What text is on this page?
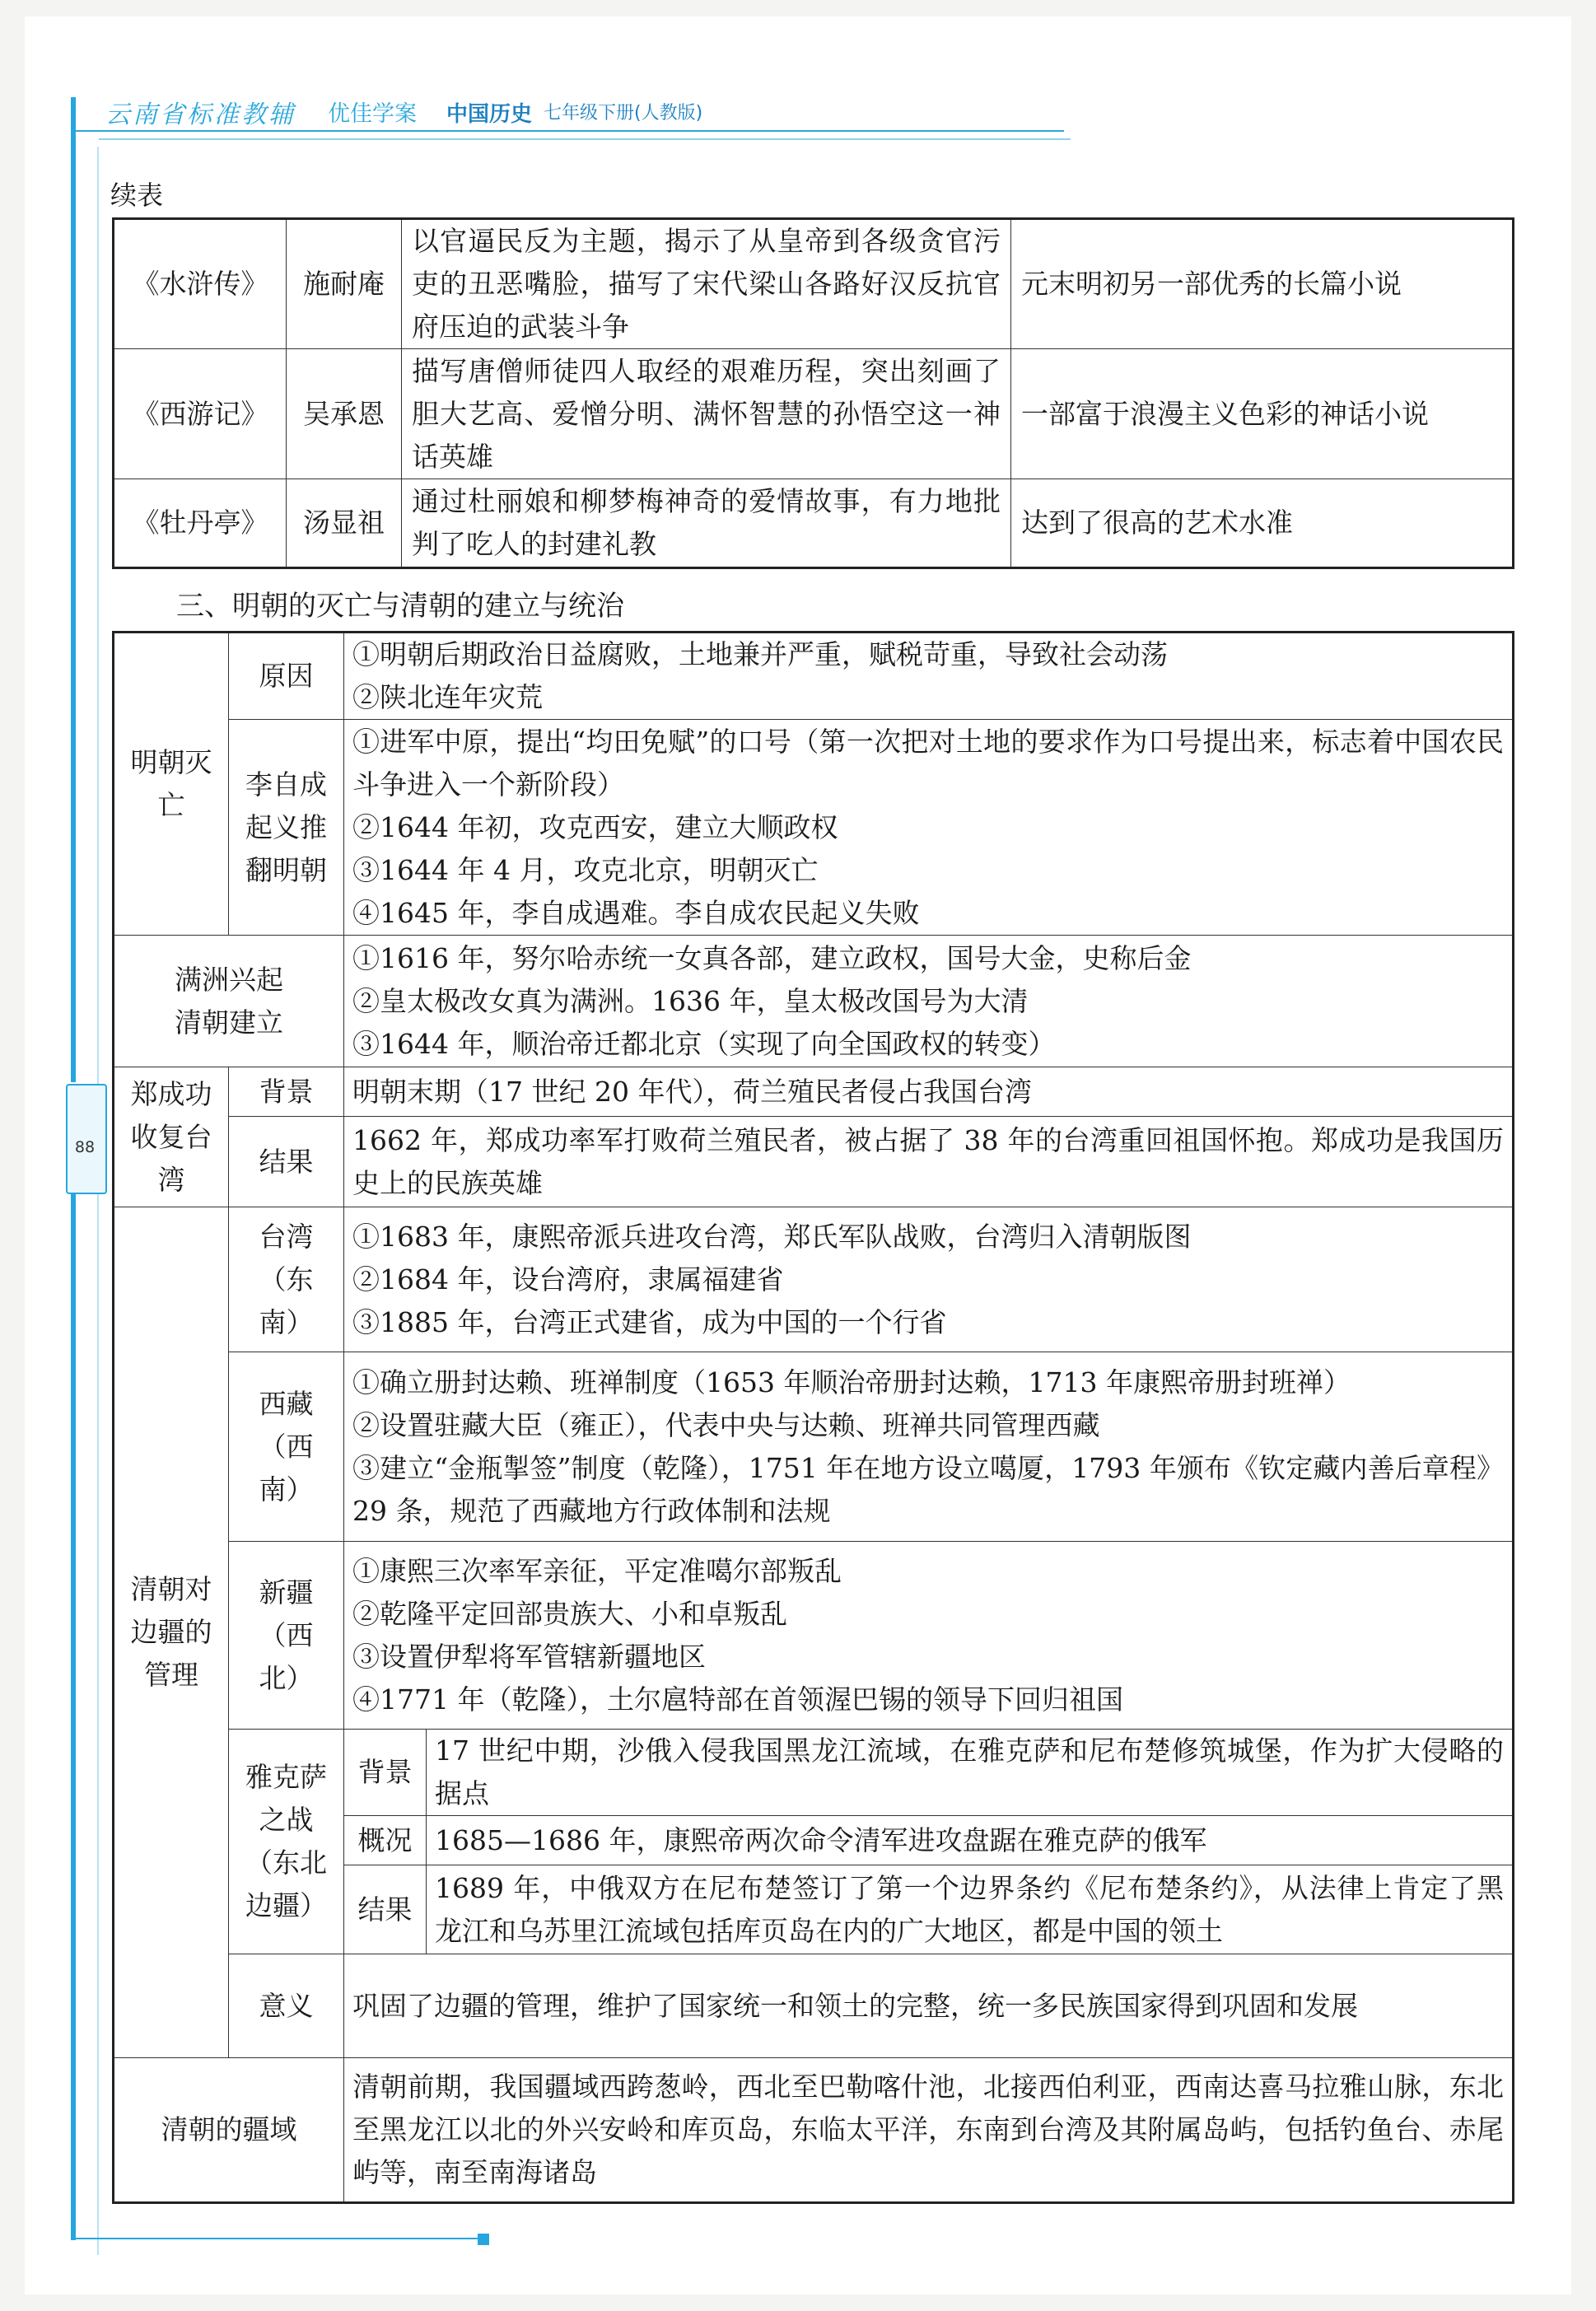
云南省标准教辅 优佳学案 中国历史 七年级下册(人教版)
88
续表
《水浒传》	施耐庵	以官逼民反为主题，揭示了从皇帝到各级贪官污吏的丑恶嘴脸，描写了宋代梁山各路好汉反抗官府压迫的武装斗争	元末明初另一部优秀的长篇小说
《西游记》	吴承恩	描写唐僧师徒四人取经的艰难历程，突出刻画了胆大艺高、爱憎分明、满怀智慧的孙悟空这一神话英雄	一部富于浪漫主义色彩的神话小说
《牡丹亭》	汤显祖	通过杜丽娘和柳梦梅神奇的爱情故事，有力地批判了吃人的封建礼教	达到了很高的艺术水准
三、明朝的灭亡与清朝的建立与统治
明朝灭亡	原因	①明朝后期政治日益腐败，土地兼并严重，赋税苛重，导致社会动荡
②陕北连年灾荒	

	李自成起义推翻明朝	①进军中原，提出“均田免赋”的口号（第一次把对土地的要求作为口号提出来，标志着中国农民斗争进入一个新阶段）
②1644 年初，攻克西安，建立大顺政权
③1644 年 4 月，攻克北京，明朝灭亡
④1645 年，李自成遇难。李自成农民起义失败	

满洲兴起清朝建立		①1616 年，努尔哈赤统一女真各部，建立政权，国号大金，史称后金
②皇太极改女真为满洲。1636 年，皇太极改国号为大清
③1644 年，顺治帝迁都北京（实现了向全国政权的转变）	

郑成功收复台湾	背景	明朝末期（17 世纪 20 年代），荷兰殖民者侵占我国台湾	
	结果	1662 年，郑成功率军打败荷兰殖民者，被占据了 38 年的台湾重回祖国怀抱。郑成功是我国历史上的民族英雄	
清朝对边疆的管理	台湾（东南）	①1683 年，康熙帝派兵进攻台湾，郑氏军队战败，台湾归入清朝版图
②1684 年，设台湾府，隶属福建省
③1885 年，台湾正式建省，成为中国的一个行省	

	西藏（西南）	①确立册封达赖、班禅制度（1653 年顺治帝册封达赖，1713 年康熙帝册封班禅）
②设置驻藏大臣（雍正），代表中央与达赖、班禅共同管理西藏
③建立“金瓶掣签”制度（乾隆），1751 年在地方设立噶厦，1793 年颁布《钦定藏内善后章程》29 条，规范了西藏地方行政体制和法规	

	新疆（西北）	①康熙三次率军亲征，平定准噶尔部叛乱
②乾隆平定回部贵族大、小和卓叛乱
③设置伊犁将军管辖新疆地区
④1771 年（乾隆），土尔扈特部在首领渥巴锡的领导下回归祖国	

	雅克萨之战（东北边疆）	背景	17 世纪中期，沙俄入侵我国黑龙江流域，在雅克萨和尼布楚修筑城堡，作为扩大侵略的据点
		概况	1685—1686 年，康熙帝两次命令清军进攻盘踞在雅克萨的俄军
		结果	1689 年，中俄双方在尼布楚签订了第一个边界条约《尼布楚条约》，从法律上肯定了黑龙江和乌苏里江流域包括库页岛在内的广大地区，都是中国的领土
	意义	巩固了边疆的管理，维护了国家统一和领土的完整，统一多民族国家得到巩固和发展	
清朝的疆域		清朝前期，我国疆域西跨葱岭，西北至巴勒喀什池，北接西伯利亚，西南达喜马拉雅山脉，东北至黑龙江以北的外兴安岭和库页岛，东临太平洋，东南到台湾及其附属岛屿，包括钓鱼台、赤尾屿等，南至南海诸岛	
